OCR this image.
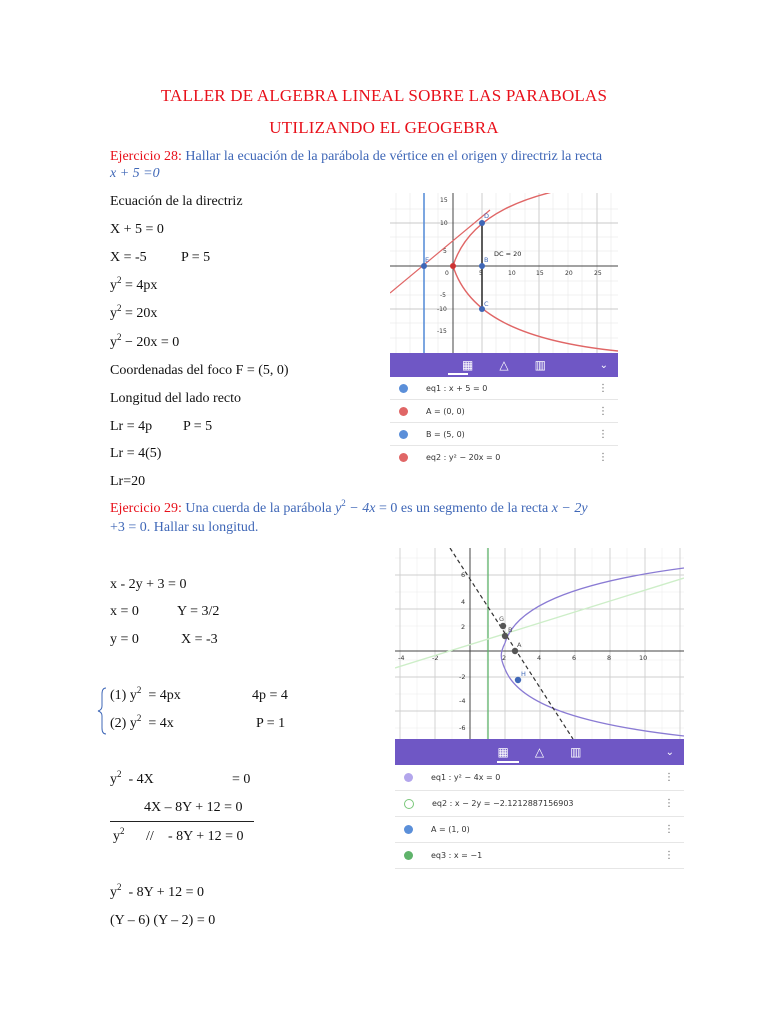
TALLER DE ALGEBRA LINEAL SOBRE LAS PARABOLAS
UTILIZANDO EL GEOGEBRA
Ejercicio 28: Hallar la ecuación de la parábola de vértice en el origen y directriz la recta
x + 5 =0
Ecuación de la directriz
X + 5 = 0
X = -5 P = 5
$y^2 = 4px$
$y^2 = 20x$
$y^2 - 20x = 0$
Coordenadas del foco F = (5, 0)
Longitud del lado recto
Lr = 4p P = 5
Lr = 4(5)
Lr=20
0	5	10	15	20	25
15
10
5
-5
-10
-15
D
B
C
E
DC = 20
▦ △ ▥	⌄
eq1 : x + 5 = 0	⋮
A = (0, 0)	⋮
B = (5, 0)	⋮
eq2 : y² − 20x = 0	⋮
Ejercicio 29: Una cuerda de la parábola $y^2 - 4x = 0$ es un segmento de la recta x − 2y
+3 = 0. Hallar su longitud.
x - 2y + 3 = 0
x = 0	Y = 3/2
y = 0	X = -3
(1) $y^2 = 4px$	4p = 4
(2) $y^2 = 4x$	P = 1
$y^2 - 4X$	= 0
4X – 8Y + 12 = 0
$y^2$ // - 8Y + 12 = 0
$y^2 - 8Y + 12 = 0$
(Y – 6) (Y – 2) = 0
-4	-2	2	4	6	8	10
6
4
2
-2
-4
-6
G
B
A
H
▦ △ ▥	⌄
eq1 : y² − 4x = 0	⋮
eq2 : x − 2y = −2.1212887156903	⋮
A = (1, 0)	⋮
eq3 : x = −1	⋮
